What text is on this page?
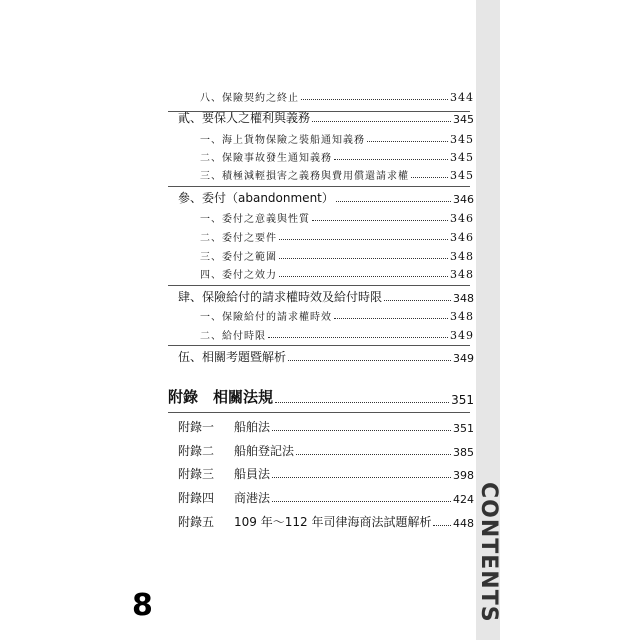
CONTENTS
八、保險契約之終止	344
貳、要保人之權利與義務	345
一、海上貨物保險之裝船通知義務	345
二、保險事故發生通知義務	345
三、積極減輕損害之義務與費用償還請求權	345
參、委付（abandonment）	346
一、委付之意義與性質	346
二、委付之要件	346
三、委付之範圍	348
四、委付之效力	348
肆、保險給付的請求權時效及給付時限	348
一、保險給付的請求權時效	348
二、給付時限	349
伍、相關考題暨解析	349
附錄　相關法規	351
附錄一	船舶法	351
附錄二	船舶登記法	385
附錄三	船員法	398
附錄四	商港法	424
附錄五	109 年～112 年司律海商法試題解析 448
8
